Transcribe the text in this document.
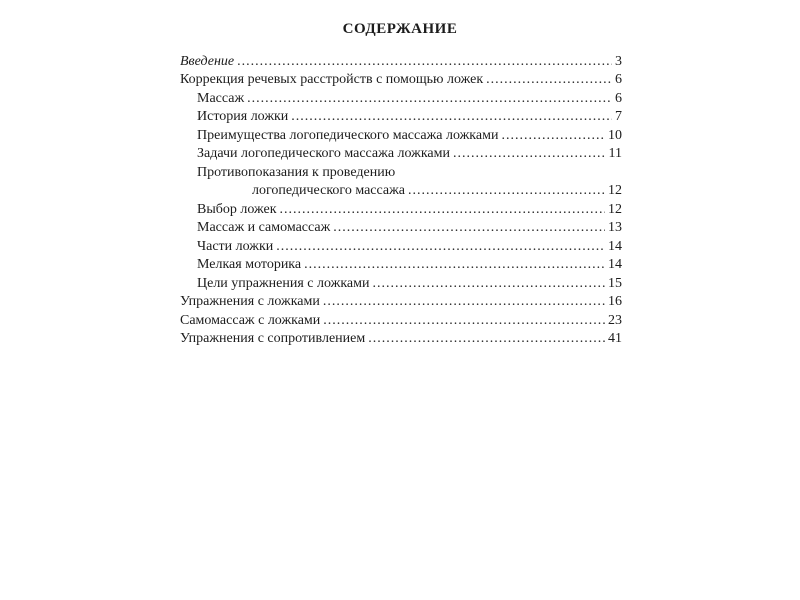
СОДЕРЖАНИЕ
Введение .....	3
Коррекция речевых расстройств с помощью ложек .....	6
Массаж .....	6
История ложки .....	7
Преимущества логопедического массажа ложками .....	10
Задачи логопедического массажа ложками .....	11
Противопоказания к проведению
логопедического массажа .....	12
Выбор ложек .....	12
Массаж и самомассаж .....	13
Части ложки .....	14
Мелкая моторика .....	14
Цели упражнения с ложками .....	15
Упражнения с ложками .....	16
Самомассаж с ложками .....	23
Упражнения с сопротивлением .....	41
